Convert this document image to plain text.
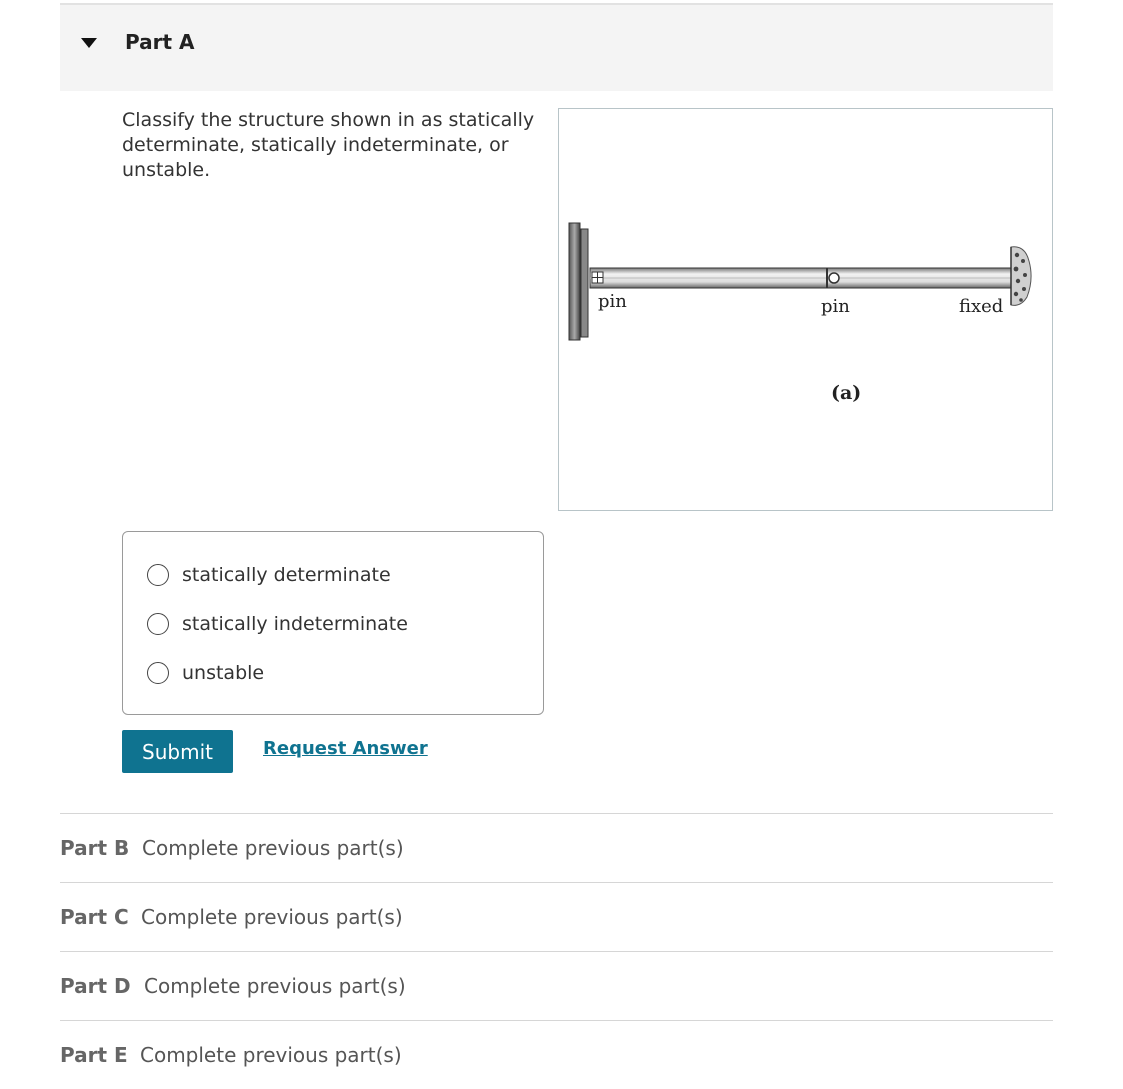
Part A

Classify the structure shown in as statically determinate, statically indeterminate, or unstable.

pin	pin	fixed
(a)
statically determinate
statically indeterminate
unstable
Submit	Request Answer
Part B Complete previous part(s)
Part C Complete previous part(s)
Part D Complete previous part(s)
Part E Complete previous part(s)
